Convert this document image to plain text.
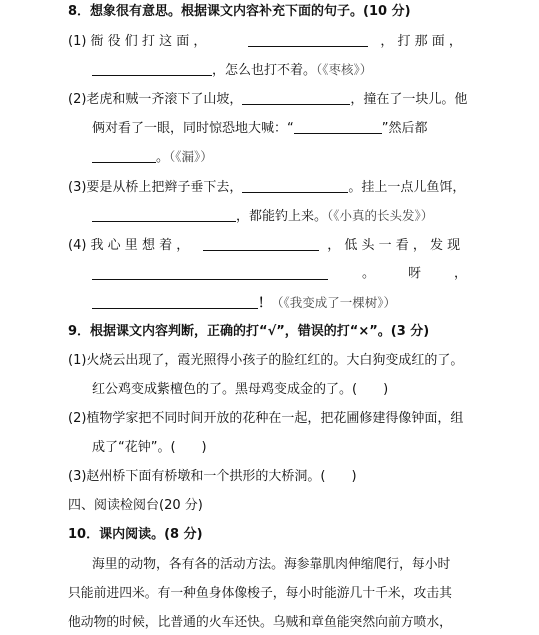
8．想象很有意思。根据课文内容补充下面的句子。(10 分)
(1) 衙 役 们 打 这 面 ，	， 打 那 面 ，
，怎么也打不着。（《枣核》）
(2)老虎和贼一齐滚下了山坡，	，撞在了一块儿。他
俩对看了一眼，同时惊恐地大喊：“	”然后都
。（《漏》）
(3)要是从桥上把辫子垂下去，	。挂上一点儿鱼饵，
，都能钓上来。（《小真的长头发》）
(4) 我 心 里 想 着 ，	， 低 头 一 看 ， 发 现
。	呀	，
！（《我变成了一棵树》）
9．根据课文内容判断，正确的打“√”，错误的打“×”。(3 分)
(1)火烧云出现了，霞光照得小孩子的脸红红的。大白狗变成红的了。
红公鸡变成紫檀色的了。黑母鸡变成金的了。(　　)
(2)植物学家把不同时间开放的花种在一起，把花圃修建得像钟面，组
成了“花钟”。(　　)
(3)赵州桥下面有桥墩和一个拱形的大桥洞。(　　)
四、阅读检阅台(20 分)
10．课内阅读。(8 分)
海里的动物，各有各的活动方法。海参靠肌肉伸缩爬行，每小时
只能前进四米。有一种鱼身体像梭子，每小时能游几十千米，攻击其
他动物的时候，比普通的火车还快。乌贼和章鱼能突然向前方喷水，
